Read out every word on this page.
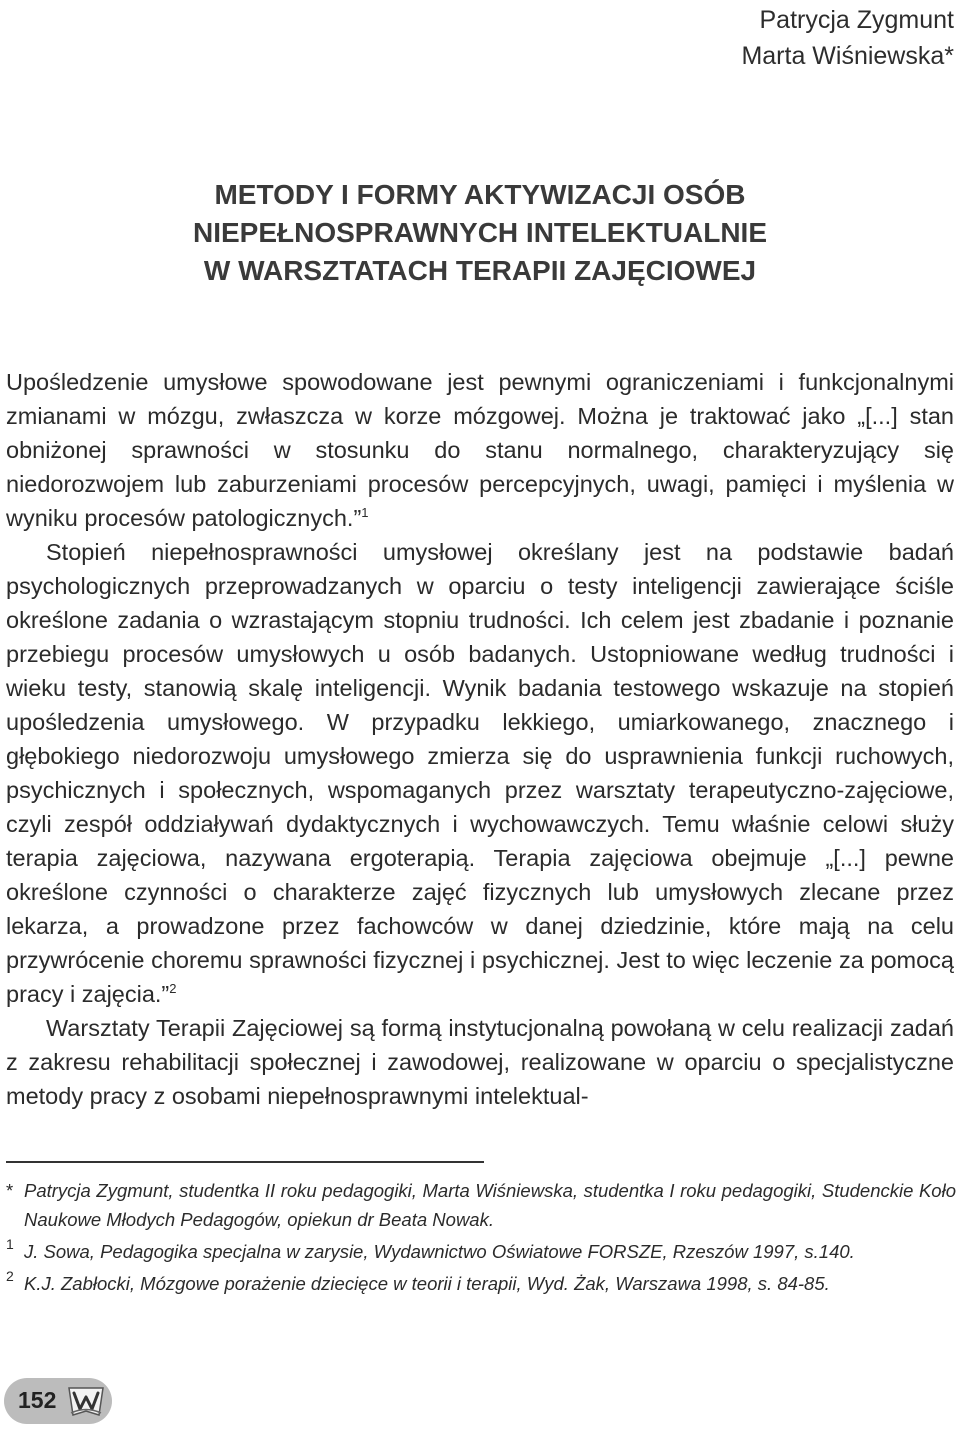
Patrycja Zygmunt
Marta Wiśniewska*
METODY I FORMY AKTYWIZACJI OSÓB
NIEPEŁNOSPRAWNYCH INTELEKTUALNIE
W WARSZTATACH TERAPII ZAJĘCIOWEJ

Upośledzenie umysłowe spowodowane jest pewnymi ograniczeniami i funkcjonalnymi zmianami w mózgu, zwłaszcza w korze mózgowej. Można je traktować jako „[...] stan obniżonej sprawności w stosunku do stanu normalnego, charakteryzujący się niedorozwojem lub zaburzeniami procesów percepcyjnych, uwagi, pamięci i myślenia w wyniku procesów patologicznych.”$^1$

Stopień niepełnosprawności umysłowej określany jest na podstawie badań psychologicznych przeprowadzanych w oparciu o testy inteligencji zawierające ściśle określone zadania o wzrastającym stopniu trudności. Ich celem jest zbadanie i poznanie przebiegu procesów umysłowych u osób badanych. Ustopniowane według trudności i wieku testy, stanowią skalę inteligencji. Wynik badania testowego wskazuje na stopień upośledzenia umysłowego. W przypadku lekkiego, umiarkowanego, znacznego i głębokiego niedorozwoju umysłowego zmierza się do usprawnienia funkcji ruchowych, psychicznych i społecznych, wspomaganych przez warsztaty terapeutyczno-zajęciowe, czyli zespół oddziaływań dydaktycznych i wychowawczych. Temu właśnie celowi służy terapia zajęciowa, nazywana ergoterapią. Terapia zajęciowa obejmuje „[...] pewne określone czynności o charakterze zajęć fizycznych lub umysłowych zlecane przez lekarza, a prowadzone przez fachowców w danej dziedzinie, które mają na celu przywrócenie choremu sprawności fizycznej i psychicznej. Jest to więc leczenie za pomocą pracy i zajęcia.”$^2$

Warsztaty Terapii Zajęciowej są formą instytucjonalną powołaną w celu realizacji zadań z zakresu rehabilitacji społecznej i zawodowej, realizowane w oparciu o specjalistyczne metody pracy z osobami niepełnosprawnymi intelektual-

* Patrycja Zygmunt, studentka II roku pedagogiki, Marta Wiśniewska, studentka I roku pedagogiki, Studenckie Koło Naukowe Młodych Pedagogów, opiekun dr Beata Nowak.
1 J. Sowa, Pedagogika specjalna w zarysie, Wydawnictwo Oświatowe FORSZE, Rzeszów 1997, s.140.
2 K.J. Zabłocki, Mózgowe porażenie dziecięce w teorii i terapii, Wyd. Żak, Warszawa 1998, s. 84-85.
152
